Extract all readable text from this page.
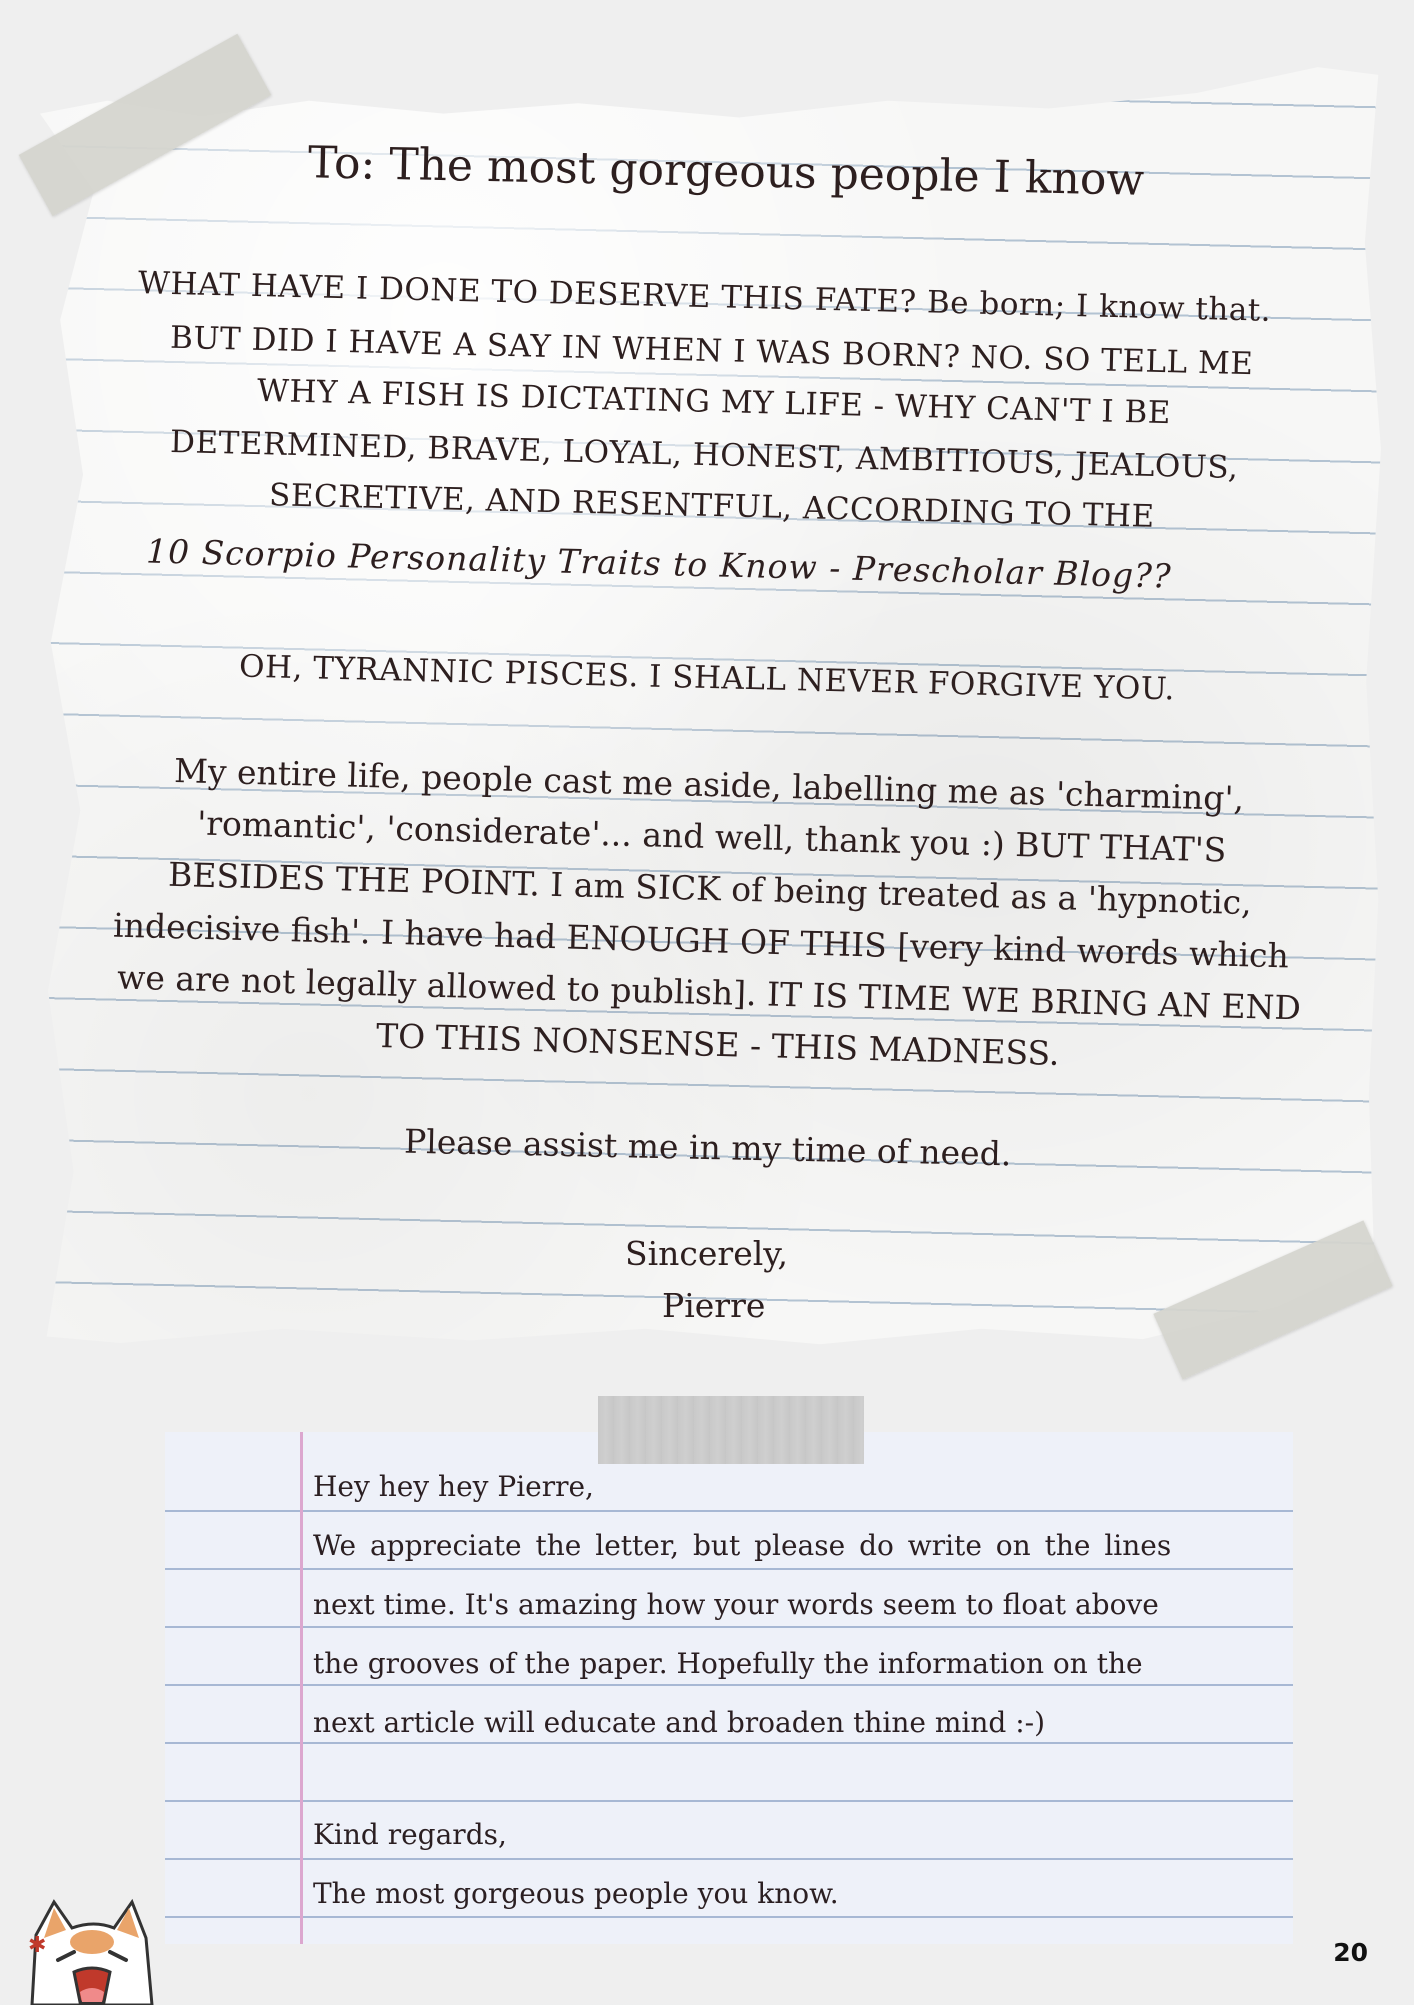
To: The most gorgeous people I know
WHAT HAVE I DONE TO DESERVE THIS FATE? Be born; I know that.
BUT DID I HAVE A SAY IN WHEN I WAS BORN? NO. SO TELL ME
WHY A FISH IS DICTATING MY LIFE - WHY CAN'T I BE
DETERMINED, BRAVE, LOYAL, HONEST, AMBITIOUS, JEALOUS,
SECRETIVE, AND RESENTFUL, ACCORDING TO THE
10 Scorpio Personality Traits to Know - Prescholar Blog??
OH, TYRANNIC PISCES. I SHALL NEVER FORGIVE YOU.
My entire life, people cast me aside, labelling me as 'charming',
'romantic', 'considerate'... and well, thank you :) BUT THAT'S
BESIDES THE POINT. I am SICK of being treated as a 'hypnotic,
indecisive fish'. I have had ENOUGH OF THIS [very kind words which
we are not legally allowed to publish]. IT IS TIME WE BRING AN END
TO THIS NONSENSE - THIS MADNESS.
Please assist me in my time of need.
Sincerely,
Pierre
Hey hey hey Pierre,
We appreciate the letter, but please do write on the lines
next time. It's amazing how your words seem to float above
the grooves of the paper. Hopefully the information on the
next article will educate and broaden thine mind :-)
Kind regards,
The most gorgeous people you know.
✱	20
